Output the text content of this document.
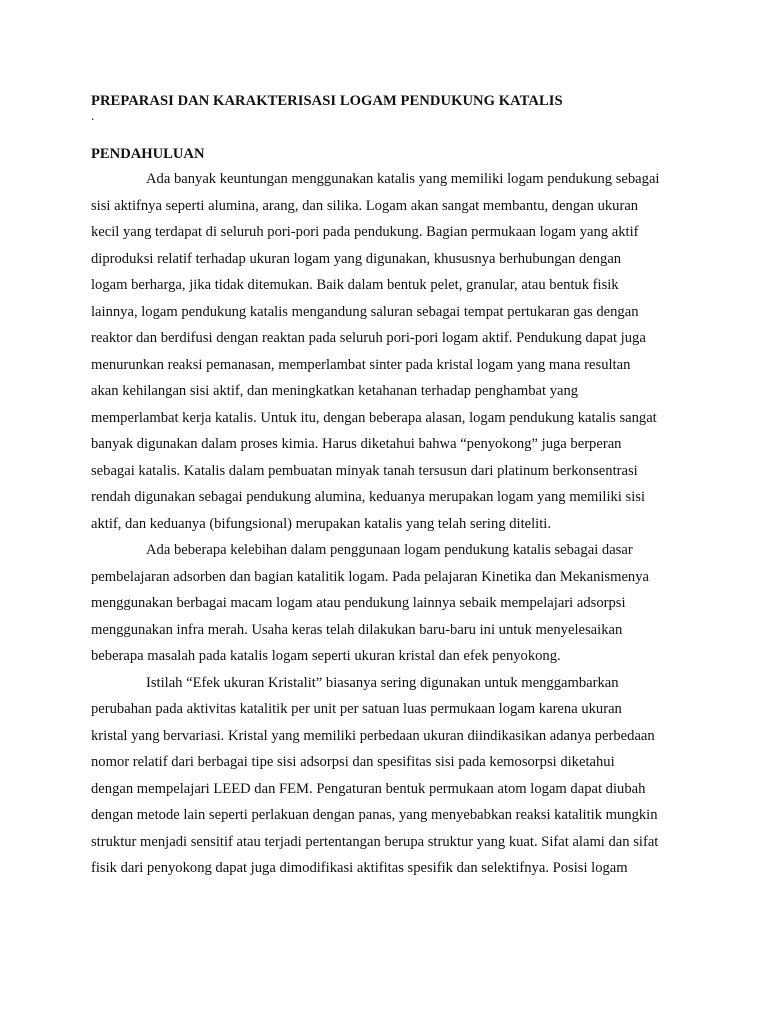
PREPARASI DAN KARAKTERISASI LOGAM PENDUKUNG KATALIS
.
PENDAHULUAN
Ada banyak keuntungan menggunakan katalis yang memiliki logam pendukung sebagai
sisi aktifnya seperti alumina, arang, dan silika. Logam akan sangat membantu, dengan ukuran
kecil yang terdapat di seluruh pori-pori pada pendukung. Bagian permukaan logam yang aktif
diproduksi relatif terhadap ukuran logam yang digunakan, khususnya berhubungan dengan
logam berharga, jika tidak ditemukan. Baik dalam bentuk pelet, granular, atau bentuk fisik
lainnya, logam pendukung katalis mengandung saluran sebagai tempat pertukaran gas dengan
reaktor dan berdifusi dengan reaktan pada seluruh pori-pori logam aktif. Pendukung dapat juga
menurunkan reaksi pemanasan, memperlambat sinter pada kristal logam yang mana resultan
akan kehilangan sisi aktif, dan meningkatkan ketahanan terhadap penghambat yang
memperlambat kerja katalis. Untuk itu, dengan beberapa alasan, logam pendukung katalis sangat
banyak digunakan dalam proses kimia. Harus diketahui bahwa “penyokong” juga berperan
sebagai katalis. Katalis dalam pembuatan minyak tanah tersusun dari platinum berkonsentrasi
rendah digunakan sebagai pendukung alumina, keduanya merupakan logam yang memiliki sisi
aktif, dan keduanya (bifungsional) merupakan katalis yang telah sering diteliti.
Ada beberapa kelebihan dalam penggunaan logam pendukung katalis sebagai dasar
pembelajaran adsorben dan bagian katalitik logam. Pada pelajaran Kinetika dan Mekanismenya
menggunakan berbagai macam logam atau pendukung lainnya sebaik mempelajari adsorpsi
menggunakan infra merah. Usaha keras telah dilakukan baru-baru ini untuk menyelesaikan
beberapa masalah pada katalis logam seperti ukuran kristal dan efek penyokong.
Istilah “Efek ukuran Kristalit” biasanya sering digunakan untuk menggambarkan
perubahan pada aktivitas katalitik per unit per satuan luas permukaan logam karena ukuran
kristal yang bervariasi. Kristal yang memiliki perbedaan ukuran diindikasikan adanya perbedaan
nomor relatif dari berbagai tipe sisi adsorpsi dan spesifitas sisi pada kemosorpsi diketahui
dengan mempelajari LEED dan FEM. Pengaturan bentuk permukaan atom logam dapat diubah
dengan metode lain seperti perlakuan dengan panas, yang menyebabkan reaksi katalitik mungkin
struktur menjadi sensitif atau terjadi pertentangan berupa struktur yang kuat. Sifat alami dan sifat
fisik dari penyokong dapat juga dimodifikasi aktifitas spesifik dan selektifnya. Posisi logam
